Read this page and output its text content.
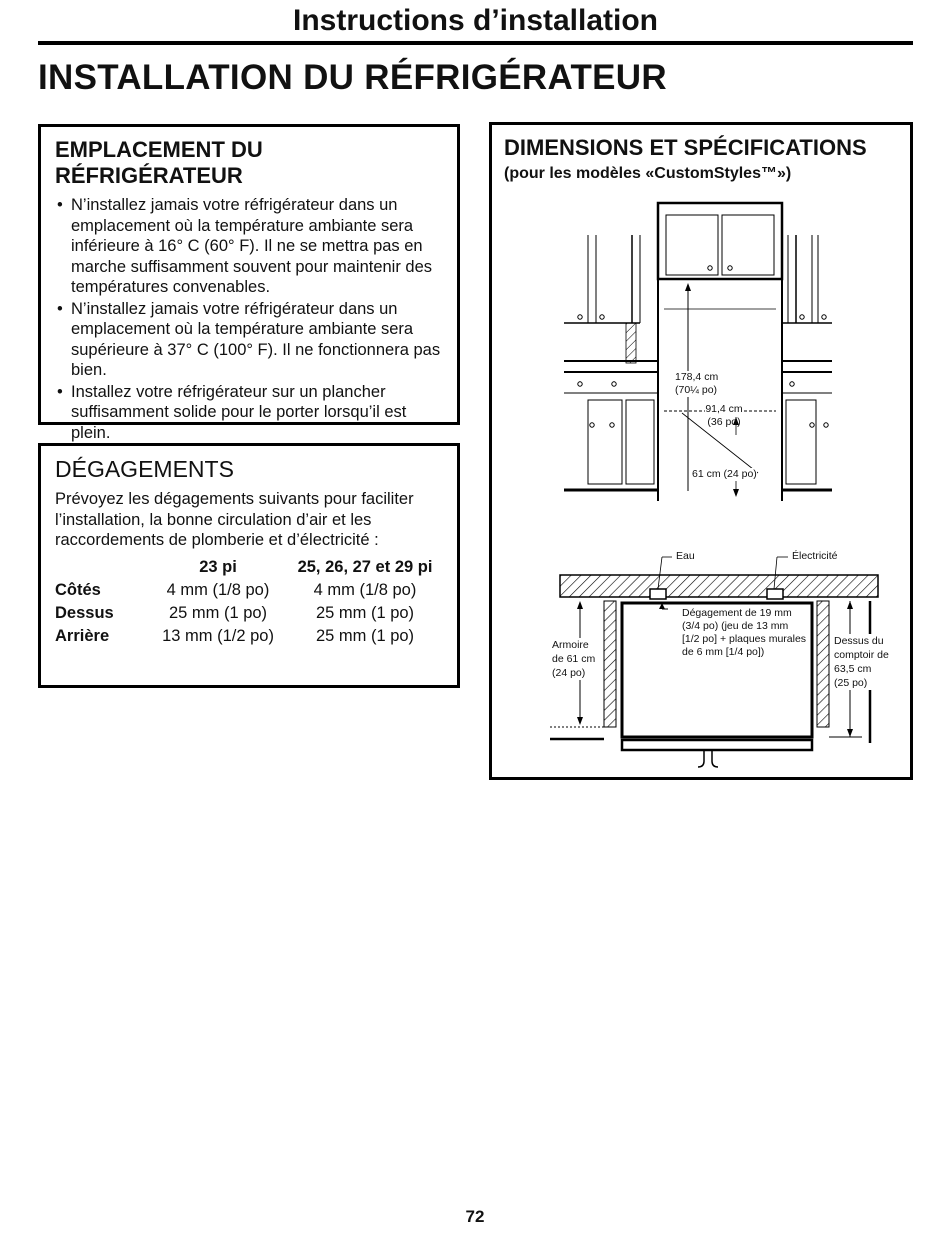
Instructions d’installation
INSTALLATION DU RÉFRIGÉRATEUR
EMPLACEMENT DU RÉFRIGÉRATEUR
• N’installez jamais votre réfrigérateur dans un emplacement où la température ambiante sera inférieure à 16° C (60° F). Il ne se mettra pas en marche suffisamment souvent pour maintenir des températures convenables.
• N’installez jamais votre réfrigérateur dans un emplacement où la température ambiante sera supérieure à 37° C (100° F). Il ne fonctionnera pas bien.
• Installez votre réfrigérateur sur un plancher suffisamment solide pour le porter lorsqu’il est plein.
DÉGAGEMENTS
Prévoyez les dégagements suivants pour faciliter l’installation, la bonne circulation d’air et les raccordements de plomberie et d’électricité :
	23 pi	25, 26, 27 et 29 pi
Côtés	4 mm (1/8 po)	4 mm (1/8 po)
Dessus	25 mm (1 po)	25 mm (1 po)
Arrière	13 mm (1/2 po)	25 mm (1 po)
DIMENSIONS ET SPÉCIFICATIONS
(pour les modèles «CustomStyles™»)
178,4 cm
(70¼ po)
91,4 cm
(36 po)
61 cm (24 po)
Eau	Électricité
Dégagement de 19 mm
(3/4 po) (jeu de 13 mm
[1/2 po] + plaques murales
de 6 mm [1/4 po])
Armoire
de 61 cm
(24 po)
Dessus du
comptoir de
63,5 cm
(25 po)
72
